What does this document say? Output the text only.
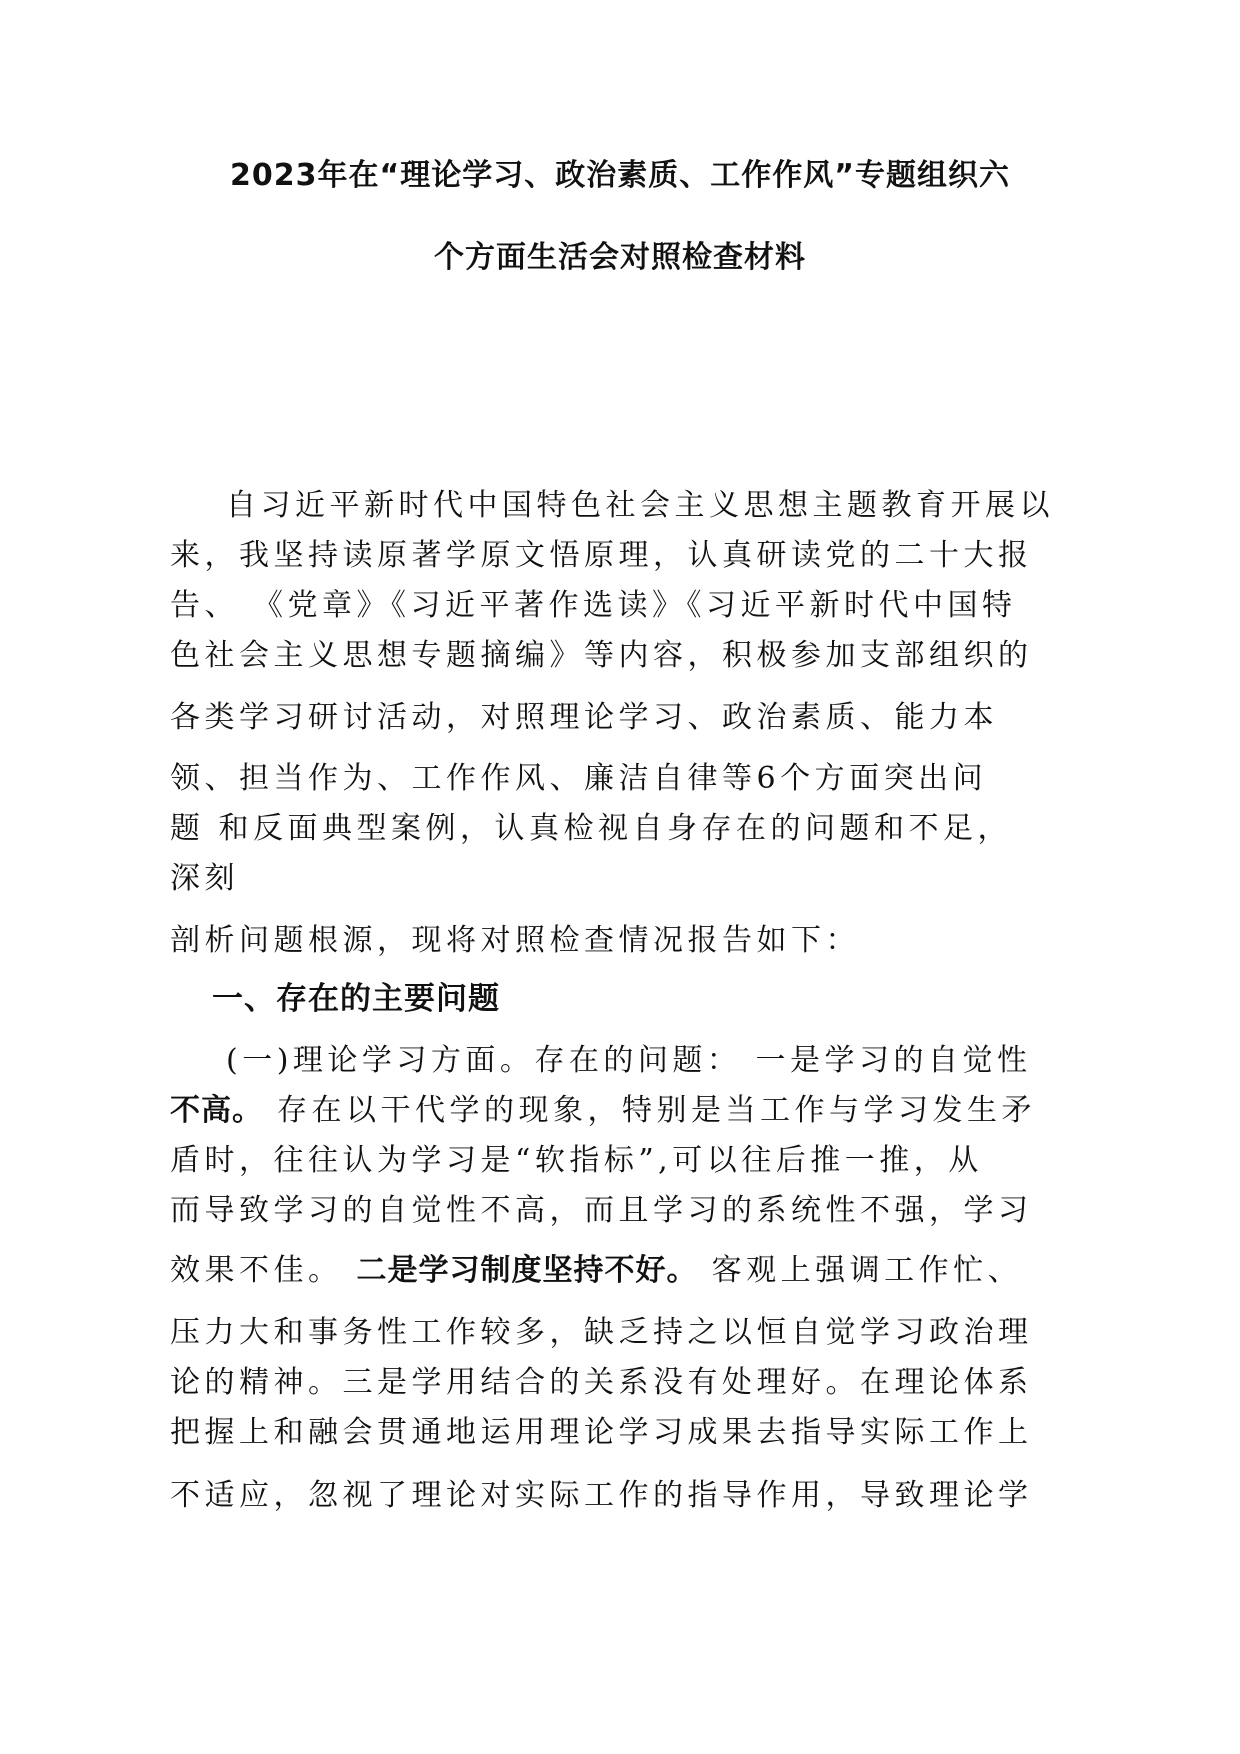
2023年在“理论学习、政治素质、工作作风”专题组织六
个方面生活会对照检查材料
自习近平新时代中国特色社会主义思想主题教育开展以
来，我坚持读原著学原文悟原理，认真研读党的二十大报
告、 《党章》《习近平著作选读》《习近平新时代中国特
色社会主义思想专题摘编》等内容，积极参加支部组织的
各类学习研讨活动，对照理论学习、政治素质、能力本
领、担当作为、工作作风、廉洁自律等6个方面突出问
题 和反面典型案例，认真检视自身存在的问题和不足，
深刻
剖析问题根源，现将对照检查情况报告如下：
一、存在的主要问题
(一)理论学习方面。存在的问题： 一是学习的自觉性
不高。 存在以干代学的现象，特别是当工作与学习发生矛
盾时，往往认为学习是“软指标”,可以往后推一推，从
而导致学习的自觉性不高，而且学习的系统性不强，学习
效果不佳。 二是学习制度坚持不好。 客观上强调工作忙、
压力大和事务性工作较多，缺乏持之以恒自觉学习政治理
论的精神。三是学用结合的关系没有处理好。在理论体系
把握上和融会贯通地运用理论学习成果去指导实际工作上
不适应，忽视了理论对实际工作的指导作用，导致理论学
